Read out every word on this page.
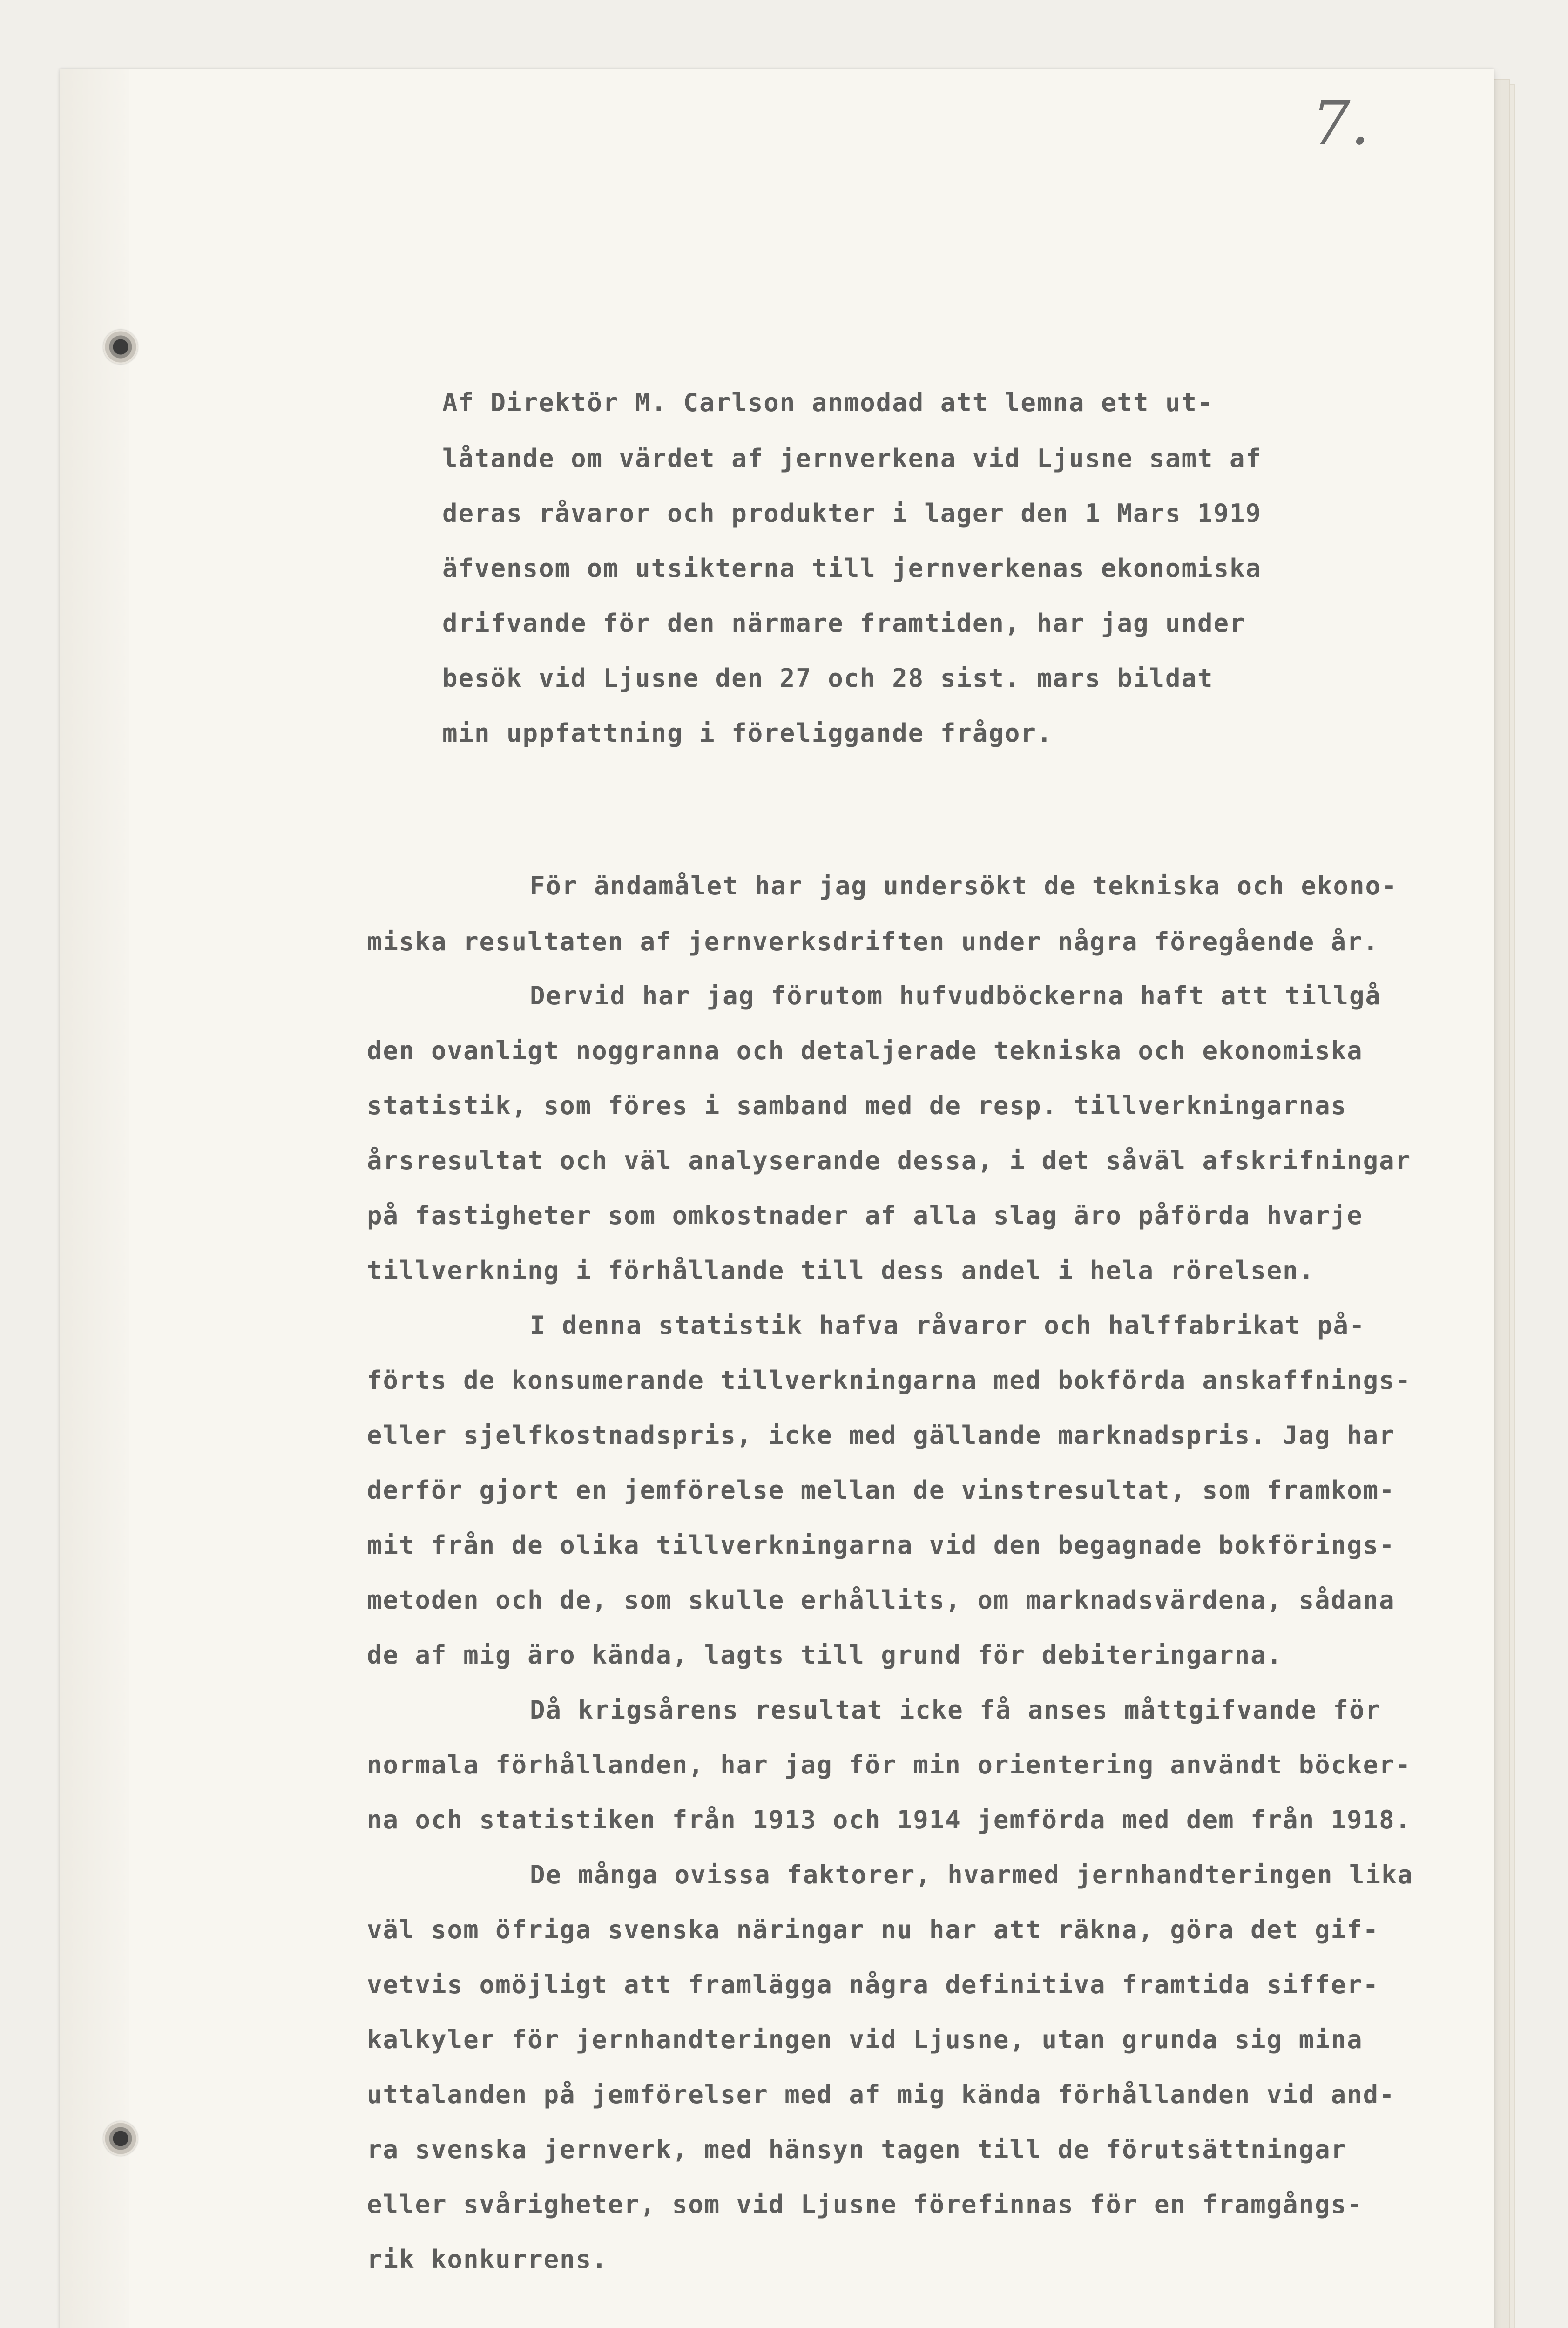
7.
Af Direktör M. Carlson anmodad att lemna ett ut-
låtande om värdet af jernverkena vid Ljusne samt af
deras råvaror och produkter i lager den 1 Mars 1919
äfvensom om utsikterna till jernverkenas ekonomiska
drifvande för den närmare framtiden, har jag under
besök vid Ljusne den 27 och 28 sist. mars bildat
min uppfattning i föreliggande frågor.
För ändamålet har jag undersökt de tekniska och ekono-
miska resultaten af jernverksdriften under några föregående år.
Dervid har jag förutom hufvudböckerna haft att tillgå
den ovanligt noggranna och detaljerade tekniska och ekonomiska
statistik, som föres i samband med de resp. tillverkningarnas
årsresultat och väl analyserande dessa, i det såväl afskrifningar
på fastigheter som omkostnader af alla slag äro påförda hvarje
tillverkning i förhållande till dess andel i hela rörelsen.
I denna statistik hafva råvaror och halffabrikat på-
förts de konsumerande tillverkningarna med bokförda anskaffnings-
eller sjelfkostnadspris, icke med gällande marknadspris. Jag har
derför gjort en jemförelse mellan de vinstresultat, som framkom-
mit från de olika tillverkningarna vid den begagnade bokförings-
metoden och de, som skulle erhållits, om marknadsvärdena, sådana
de af mig äro kända, lagts till grund för debiteringarna.
Då krigsårens resultat icke få anses måttgifvande för
normala förhållanden, har jag för min orientering användt böcker-
na och statistiken från 1913 och 1914 jemförda med dem från 1918.
De många ovissa faktorer, hvarmed jernhandteringen lika
väl som öfriga svenska näringar nu har att räkna, göra det gif-
vetvis omöjligt att framlägga några definitiva framtida siffer-
kalkyler för jernhandteringen vid Ljusne, utan grunda sig mina
uttalanden på jemförelser med af mig kända förhållanden vid and-
ra svenska jernverk, med hänsyn tagen till de förutsättningar
eller svårigheter, som vid Ljusne förefinnas för en framgångs-
rik konkurrens.
